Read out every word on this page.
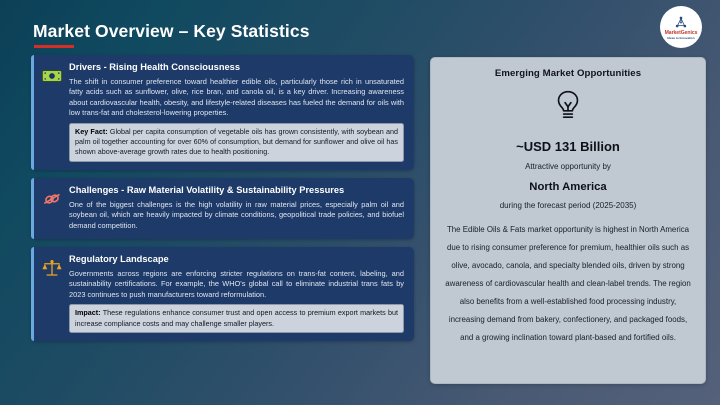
Market Overview – Key Statistics	MarketGenics
Ideas to Innovation
Drivers - Rising Health Consciousness
The shift in consumer preference toward healthier edible oils, particularly those rich in unsaturated fatty acids such as sunflower, olive, rice bran, and canola oil, is a key driver. Increasing awareness about cardiovascular health, obesity, and lifestyle-related diseases has fueled the demand for oils with low trans-fat and cholesterol-lowering properties.
Key Fact: Global per capita consumption of vegetable oils has grown consistently, with soybean and palm oil together accounting for over 60% of consumption, but demand for sunflower and olive oil has shown above-average growth rates due to health positioning.
Challenges - Raw Material Volatility & Sustainability Pressures
One of the biggest challenges is the high volatility in raw material prices, especially palm oil and soybean oil, which are heavily impacted by climate conditions, geopolitical trade policies, and biofuel demand competition.
Regulatory Landscape
Governments across regions are enforcing stricter regulations on trans-fat content, labeling, and sustainability certifications. For example, the WHO's global call to eliminate industrial trans fats by 2023 continues to push manufacturers toward reformulation.
Impact: These regulations enhance consumer trust and open access to premium export markets but increase compliance costs and may challenge smaller players.
Emerging Market Opportunities
~USD 131 Billion
Attractive opportunity by
North America
during the forecast period (2025-2035)
The Edible Oils & Fats market opportunity is highest in North America due to rising consumer preference for premium, healthier oils such as olive, avocado, canola, and specialty blended oils, driven by strong awareness of cardiovascular health and clean-label trends. The region also benefits from a well-established food processing industry, increasing demand from bakery, confectionery, and packaged foods, and a growing inclination toward plant-based and fortified oils.
